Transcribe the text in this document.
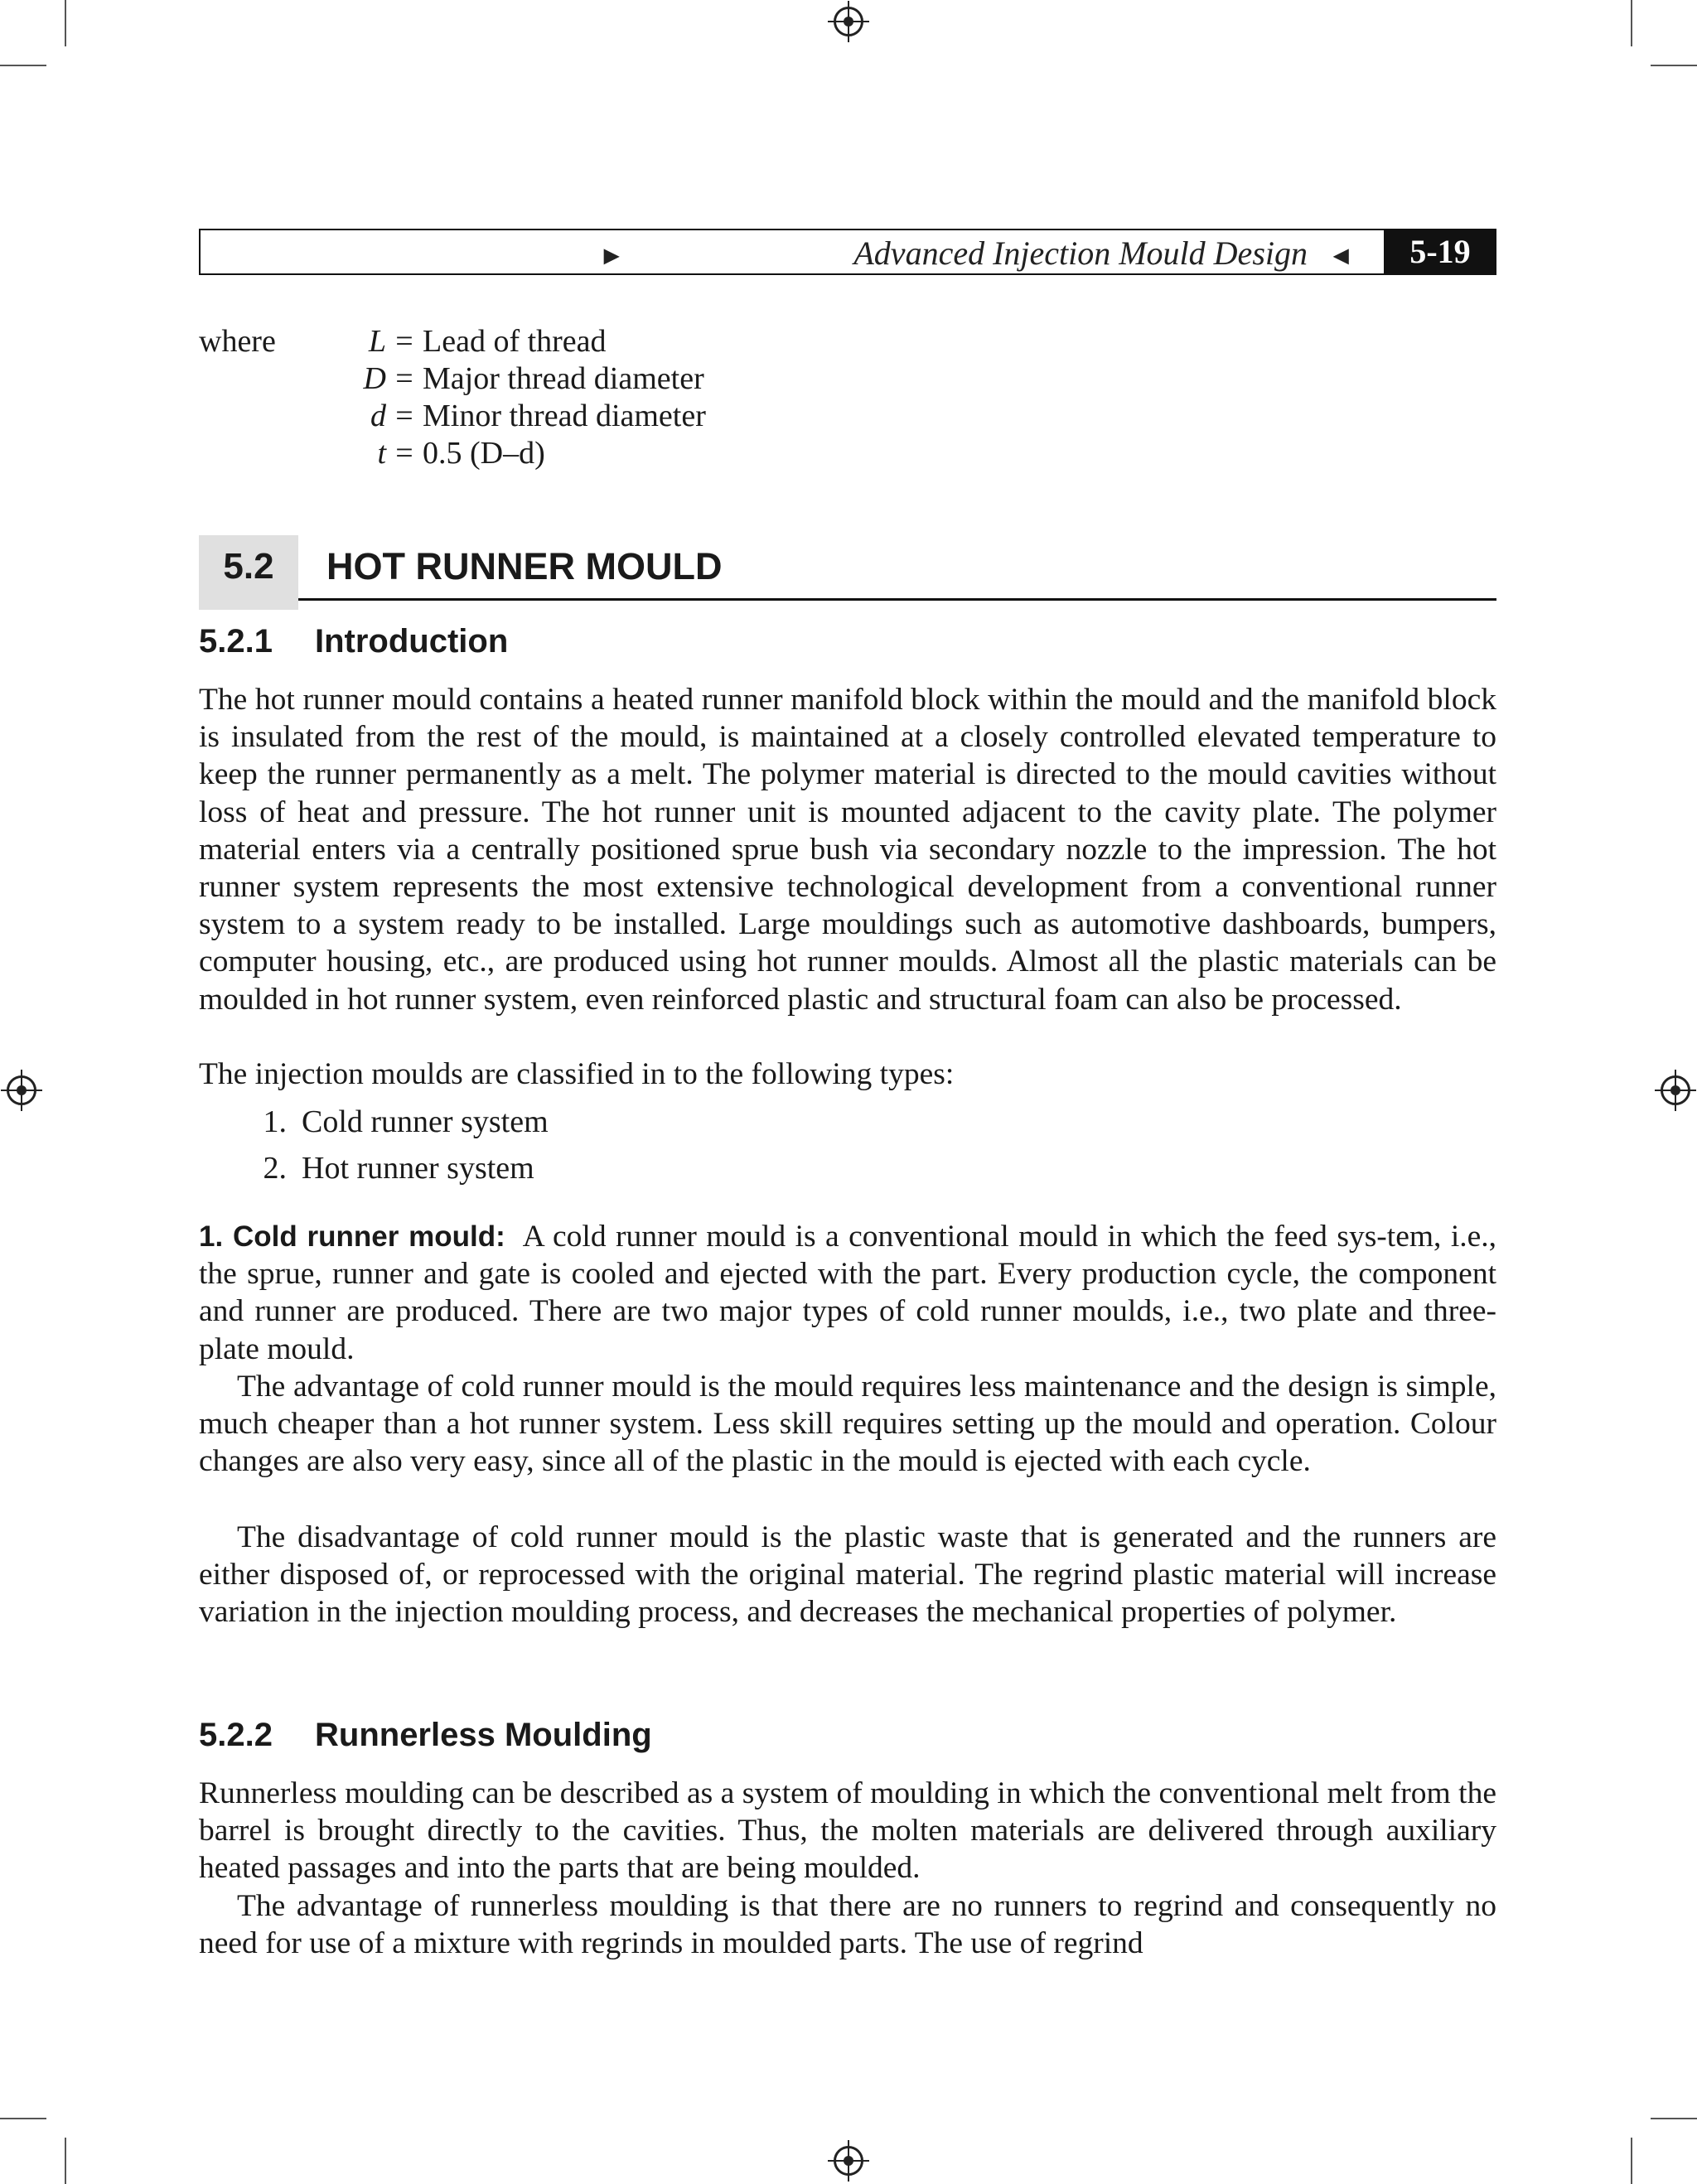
►	Advanced Injection Mould Design ◄	5-19
where	L = Lead of thread
D = Major thread diameter
d = Minor thread diameter
t = 0.5 (D–d)
5.2	HOT RUNNER MOULD
5.2.1 Introduction
The hot runner mould contains a heated runner manifold block within the mould and the manifold block is insulated from the rest of the mould, is maintained at a closely controlled elevated temperature to keep the runner permanently as a melt. The polymer material is directed to the mould cavities without loss of heat and pressure. The hot runner unit is mounted adjacent to the cavity plate. The polymer material enters via a centrally positioned sprue bush via secondary nozzle to the impression. The hot runner system represents the most extensive technological development from a conventional runner system to a system ready to be installed. Large mouldings such as automotive dashboards, bumpers, computer housing, etc., are produced using hot runner moulds. Almost all the plastic materials can be moulded in hot runner system, even reinforced plastic and structural foam can also be processed.
The injection moulds are classified in to the following types:
1. Cold runner system
2. Hot runner system
1. Cold runner mould: A cold runner mould is a conventional mould in which the feed sys-tem, i.e., the sprue, runner and gate is cooled and ejected with the part. Every production cycle, the component and runner are produced. There are two major types of cold runner moulds, i.e., two plate and three-plate mould.
The advantage of cold runner mould is the mould requires less maintenance and the design is simple, much cheaper than a hot runner system. Less skill requires setting up the mould and operation. Colour changes are also very easy, since all of the plastic in the mould is ejected with each cycle.
The disadvantage of cold runner mould is the plastic waste that is generated and the runners are either disposed of, or reprocessed with the original material. The regrind plastic material will increase variation in the injection moulding process, and decreases the mechanical properties of polymer.
5.2.2 Runnerless Moulding
Runnerless moulding can be described as a system of moulding in which the conventional melt from the barrel is brought directly to the cavities. Thus, the molten materials are delivered through auxiliary heated passages and into the parts that are being moulded.
The advantage of runnerless moulding is that there are no runners to regrind and consequently no need for use of a mixture with regrinds in moulded parts. The use of regrind
